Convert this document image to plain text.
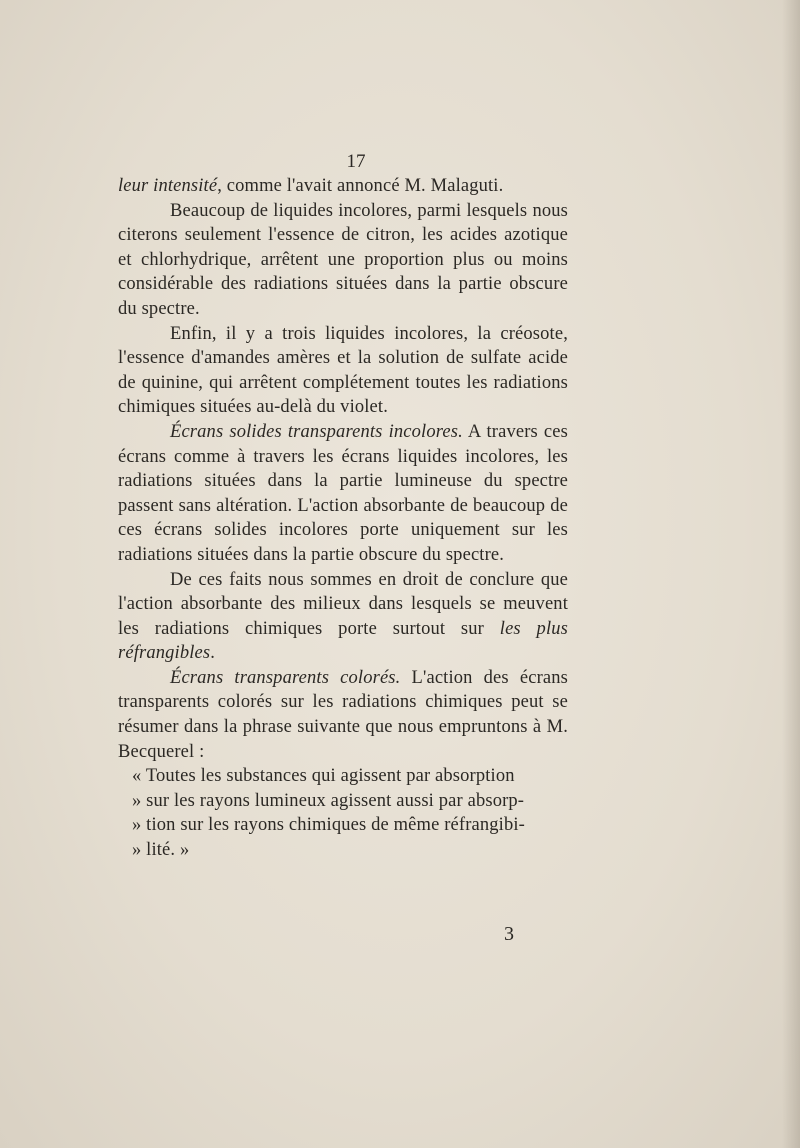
17

leur intensité, comme l'avait annoncé M. Malaguti.

Beaucoup de liquides incolores, parmi lesquels nous citerons seulement l'essence de citron, les acides azotique et chlorhydrique, arrêtent une proportion plus ou moins considérable des radiations situées dans la partie obscure du spectre.

Enfin, il y a trois liquides incolores, la créosote, l'essence d'amandes amères et la solution de sulfate acide de quinine, qui arrêtent complétement toutes les radiations chimiques situées au-delà du violet.

Écrans solides transparents incolores. A travers ces écrans comme à travers les écrans liquides incolores, les radiations situées dans la partie lumineuse du spectre passent sans altération. L'action absorbante de beaucoup de ces écrans solides incolores porte uniquement sur les radiations situées dans la partie obscure du spectre.

De ces faits nous sommes en droit de conclure que l'action absorbante des milieux dans lesquels se meuvent les radiations chimiques porte surtout sur les plus réfrangibles.

Écrans transparents colorés. L'action des écrans transparents colorés sur les radiations chimiques peut se résumer dans la phrase suivante que nous empruntons à M. Becquerel :

« Toutes les substances qui agissent par absorption

» sur les rayons lumineux agissent aussi par absorp-

» tion sur les rayons chimiques de même réfrangibi-

» lité. »

3
